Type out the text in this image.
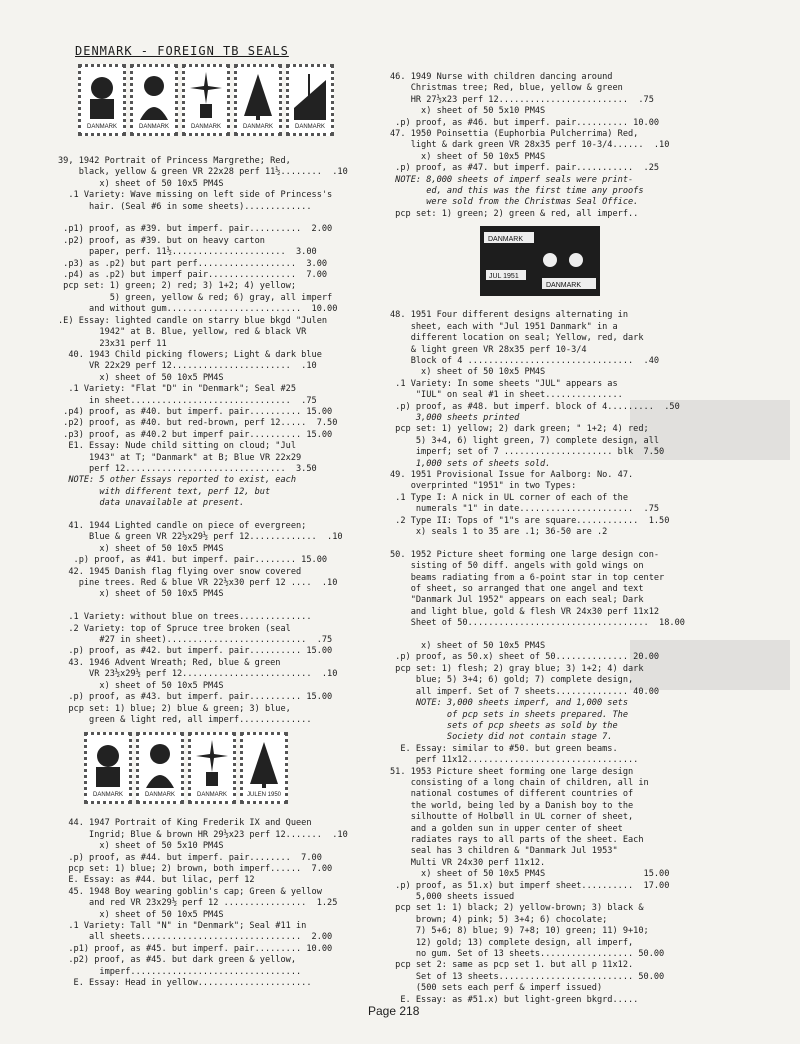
DENMARK - FOREIGN TB SEALS
DANMARK	DANMARK	DANMARK	DANMARK	DANMARK
39, 1942 Portrait of Princess Margrethe; Red,
black, yellow & green VR 22x28 perf 11½........  .10
x) sheet of 50 10x5 PM4S
.1 Variety: Wave missing on left side of Princess's
hair. (Seal #6 in some sheets).............

.p1) proof, as #39. but imperf. pair..........  2.00
.p2) proof, as #39. but on heavy carton
paper, perf. 11½......................  3.00
.p3) as .p2) but part perf...................  3.00
.p4) as .p2) but imperf pair.................  7.00
pcp set: 1) green; 2) red; 3) 1+2; 4) yellow;
5) green, yellow & red; 6) gray, all imperf
and without gum..........................  10.00
.E) Essay: lighted candle on starry blue bkgd "Julen
1942" at B. Blue, yellow, red & black VR
23x31 perf 11
40. 1943 Child picking flowers; Light & dark blue
VR 22x29 perf 12.......................  .10
x) sheet of 50 10x5 PM4S
.1 Variety: "Flat "D" in "Denmark"; Seal #25
in sheet...............................  .75
.p4) proof, as #40. but imperf. pair.......... 15.00
.p2) proof, as #40. but red-brown, perf 12.....  7.50
.p3) proof, as #40.2 but imperf pair.......... 15.00
E1. Essay: Nude child sitting on cloud; "Jul
1943" at T; "Danmark" at B; Blue VR 22x29
perf 12...............................  3.50
NOTE: 5 other Essays reported to exist, each
with different text, perf 12, but
data unavailable at present.

41. 1944 Lighted candle on piece of evergreen;
Blue & green VR 22½x29½ perf 12.............  .10
x) sheet of 50 10x5 PM4S
.p) proof, as #41. but imperf. pair........ 15.00
42. 1945 Danish flag flying over snow covered
pine trees. Red & blue VR 22½x30 perf 12 ....  .10
x) sheet of 50 10x5 PM4S

.1 Variety: without blue on trees..............
.2 Variety: top of Spruce tree broken (seal
#27 in sheet)...........................  .75
.p) proof, as #42. but imperf. pair.......... 15.00
43. 1946 Advent Wreath; Red, blue & green
VR 23½x29½ perf 12.........................  .10
x) sheet of 50 10x5 PM4S
.p) proof, as #43. but imperf. pair.......... 15.00
pcp set: 1) blue; 2) blue & green; 3) blue,
green & light red, all imperf..............
DANMARK	DANMARK	DANMARK	JULEN 1950
44. 1947 Portrait of King Frederik IX and Queen
Ingrid; Blue & brown HR 29½x23 perf 12.......  .10
x) sheet of 50 5x10 PM4S
.p) proof, as #44. but imperf. pair........  7.00
pcp set: 1) blue; 2) brown, both imperf......  7.00
E. Essay: as #44. but lilac, perf 12
45. 1948 Boy wearing goblin's cap; Green & yellow
and red VR 23x29½ perf 12 ................  1.25
x) sheet of 50 10x5 PM4S
.1 Variety: Tall "N" in "Denmark"; Seal #11 in
all sheets...............................  2.00
.p1) proof, as #45. but imperf. pair......... 10.00
.p2) proof, as #45. but dark green & yellow,
imperf.................................
E. Essay: Head in yellow......................
46. 1949 Nurse with children dancing around
Christmas tree; Red, blue, yellow & green
HR 27½x23 perf 12.........................  .75
x) sheet of 50 5x10 PM4S
.p) proof, as #46. but imperf. pair.......... 10.00
47. 1950 Poinsettia (Euphorbia Pulcherrima) Red,
light & dark green VR 28x35 perf 10-3/4......  .10
x) sheet of 50 10x5 PM4S
.p) proof, as #47. but imperf. pair...........  .25
NOTE: 8,000 sheets of imperf seals were print-
ed, and this was the first time any proofs
were sold from the Christmas Seal Office.
pcp set: 1) green; 2) green & red, all imperf..
DANMARK
JUL 1951
DANMARK
48. 1951 Four different designs alternating in
sheet, each with "Jul 1951 Danmark" in a
different location on seal; Yellow, red, dark
& light green VR 28x35 perf 10-3/4
Block of 4 ................................  .40
x) sheet of 50 10x5 PM4S
.1 Variety: In some sheets "JUL" appears as
"IUL" on seal #1 in sheet...............
.p) proof, as #48. but imperf. block of 4.........  .50
3,000 sheets printed
pcp set: 1) yellow; 2) dark green; " 1+2; 4) red;
5) 3+4, 6) light green, 7) complete design, all
imperf; set of 7 ..................... blk  7.50
1,000 sets of sheets sold.
49. 1951 Provisional Issue for Aalborg: No. 47.
overprinted "1951" in two Types:
.1 Type I: A nick in UL corner of each of the
numerals "1" in date......................  .75
.2 Type II: Tops of "1"s are square............  1.50
x) seals 1 to 35 are .1; 36-50 are .2

50. 1952 Picture sheet forming one large design con-
sisting of 50 diff. angels with gold wings on
beams radiating from a 6-point star in top center
of sheet, so arranged that one angel and text
"Danmark Jul 1952" appears on each seal; Dark
and light blue, gold & flesh VR 24x30 perf 11x12
Sheet of 50...................................  18.00

x) sheet of 50 10x5 PM4S
.p) proof, as 50.x) sheet of 50.............. 20.00
pcp set: 1) flesh; 2) gray blue; 3) 1+2; 4) dark
blue; 5) 3+4; 6) gold; 7) complete design,
all imperf. Set of 7 sheets.............. 40.00
NOTE: 3,000 sheets imperf, and 1,000 sets
of pcp sets in sheets prepared. The
sets of pcp sheets as sold by the
Society did not contain stage 7.
E. Essay: similar to #50. but green beams.
perf 11x12.................................
51. 1953 Picture sheet forming one large design
consisting of a long chain of children, all in
national costumes of different countries of
the world, being led by a Danish boy to the
silhoutte of Holbøll in UL corner of sheet,
and a golden sun in upper center of sheet
radiates rays to all parts of the sheet. Each
seal has 3 children & "Danmark Jul 1953"
Multi VR 24x30 perf 11x12.
x) sheet of 50 10x5 PM4S                   15.00
.p) proof, as 51.x) but imperf sheet..........  17.00
5,000 sheets issued
pcp set 1: 1) black; 2) yellow-brown; 3) black &
brown; 4) pink; 5) 3+4; 6) chocolate;
7) 5+6; 8) blue; 9) 7+8; 10) green; 11) 9+10;
12) gold; 13) complete design, all imperf,
no gum. Set of 13 sheets.................. 50.00
pcp set 2: same as pcp set 1. but all p 11x12.
Set of 13 sheets.......................... 50.00
(500 sets each perf & imperf issued)
E. Essay: as #51.x) but light-green bkgrd.....
Page 218
